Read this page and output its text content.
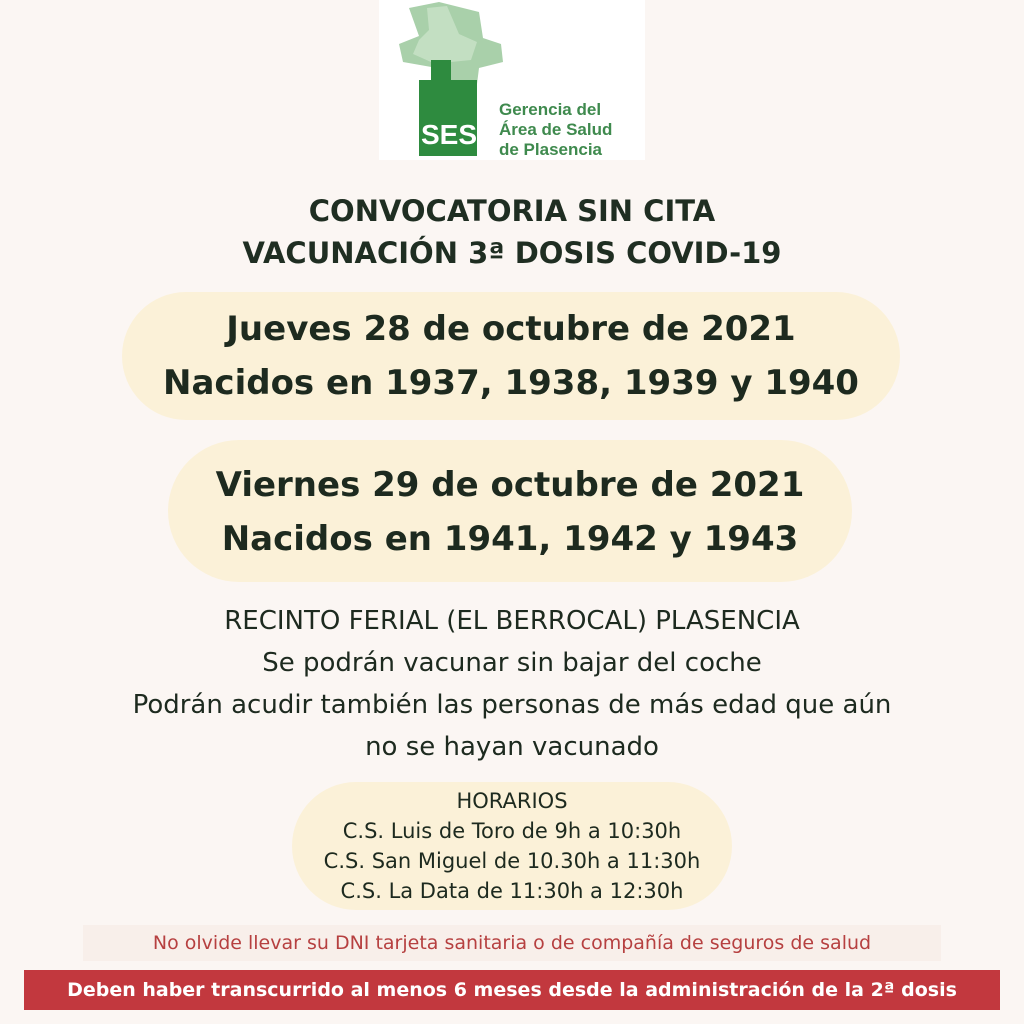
SES
Gerencia del
Área de Salud
de Plasencia
CONVOCATORIA SIN CITA
VACUNACIÓN 3ª DOSIS COVID-19
Jueves 28 de octubre de 2021
Nacidos en 1937, 1938, 1939 y 1940
Viernes 29 de octubre de 2021
Nacidos en 1941, 1942 y 1943
RECINTO FERIAL (EL BERROCAL) PLASENCIA
Se podrán vacunar sin bajar del coche
Podrán acudir también las personas de más edad que aún
no se hayan vacunado
HORARIOS
C.S. Luis de Toro de 9h a 10:30h
C.S. San Miguel de 10.30h a 11:30h
C.S. La Data de 11:30h a 12:30h
No olvide llevar su DNI tarjeta sanitaria o de compañía de seguros de salud
Deben haber transcurrido al menos 6 meses desde la administración de la 2ª dosis
